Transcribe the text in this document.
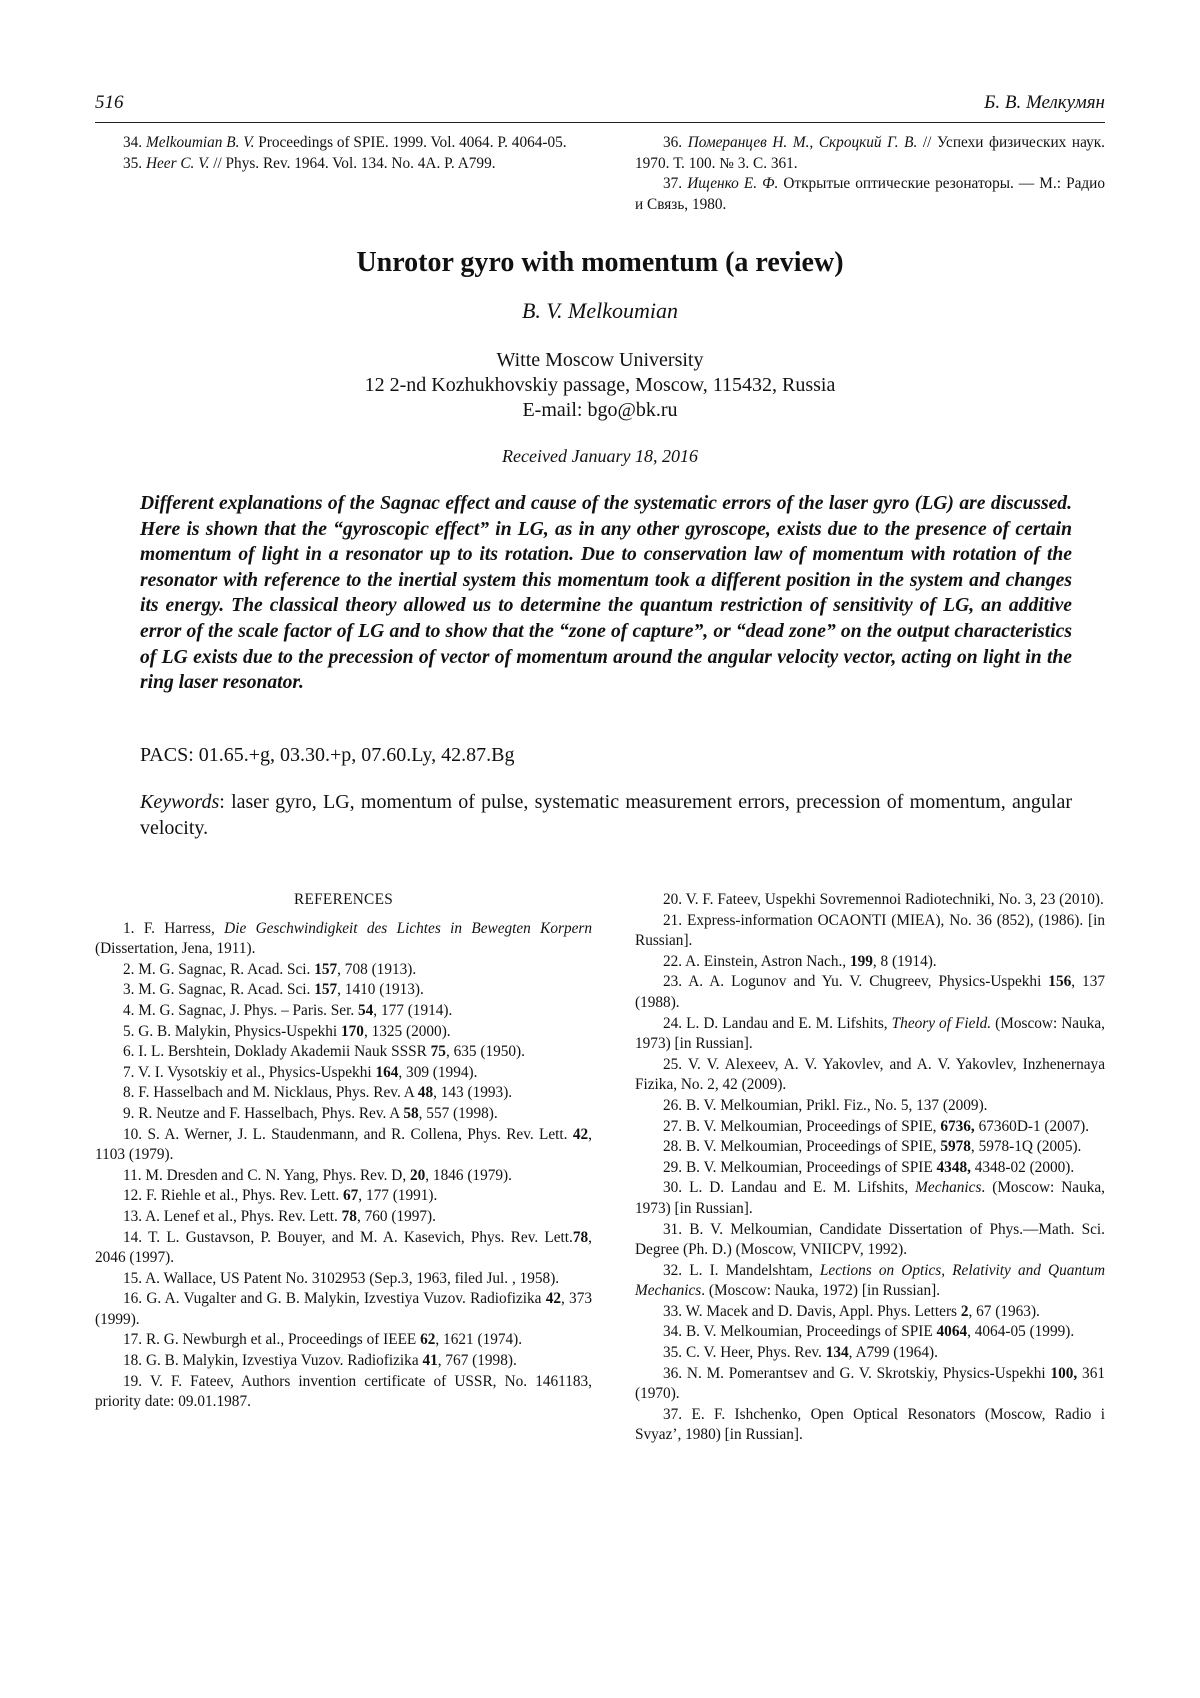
516	Б. В. Мелкумян

34. Melkoumian B. V. Proceedings of SPIE. 1999. Vol. 4064. P. 4064-05.

35. Heer C. V. // Phys. Rev. 1964. Vol. 134. No. 4A. P. A799.

36. Померанцев Н. М., Скроцкий Г. В. // Успехи физических наук. 1970. Т. 100. № 3. С. 361.

37. Ищенко Е. Ф. Открытые оптические резонаторы. — М.: Радио и Связь, 1980.

Unrotor gyro with momentum (a review)
B. V. Melkoumian
Witte Moscow University
12 2-nd Kozhukhovskiy passage, Moscow, 115432, Russia
E-mail: bgo@bk.ru
Received January 18, 2016
Different explanations of the Sagnac effect and cause of the systematic errors of the laser gyro (LG) are discussed. Here is shown that the “gyroscopic effect” in LG, as in any other gyroscope, exists due to the presence of certain momentum of light in a resonator up to its rotation. Due to conservation law of momentum with rotation of the resonator with reference to the inertial system this momentum took a different position in the system and changes its energy. The classical theory allowed us to determine the quantum restriction of sensitivity of LG, an additive error of the scale factor of LG and to show that the “zone of capture”, or “dead zone” on the output characteristics of LG exists due to the precession of vector of momentum around the angular velocity vector, acting on light in the ring laser resonator.
PACS: 01.65.+g, 03.30.+p, 07.60.Ly, 42.87.Bg
Keywords: laser gyro, LG, momentum of pulse, systematic measurement errors, precession of momentum, angular velocity.
REFERENCES

1. F. Harress, Die Geschwindigkeit des Lichtes in Bewegten Korpern (Dissertation, Jena, 1911).

2. M. G. Sagnac, R. Acad. Sci. 157, 708 (1913).

3. M. G. Sagnac, R. Acad. Sci. 157, 1410 (1913).

4. M. G. Sagnac, J. Phys. – Paris. Ser. 54, 177 (1914).

5. G. B. Malykin, Physics-Uspekhi 170, 1325 (2000).

6. I. L. Bershtein, Doklady Akademii Nauk SSSR 75, 635 (1950).

7. V. I. Vysotskiy et al., Physics-Uspekhi 164, 309 (1994).

8. F. Hasselbach and M. Nicklaus, Phys. Rev. A 48, 143 (1993).

9. R. Neutze and F. Hasselbach, Phys. Rev. A 58, 557 (1998).

10. S. A. Werner, J. L. Staudenmann, and R. Collena, Phys. Rev. Lett. 42, 1103 (1979).

11. M. Dresden and C. N. Yang, Phys. Rev. D, 20, 1846 (1979).

12. F. Riehle et al., Phys. Rev. Lett. 67, 177 (1991).

13. A. Lenef et al., Phys. Rev. Lett. 78, 760 (1997).

14. T. L. Gustavson, P. Bouyer, and M. A. Kasevich, Phys. Rev. Lett.78, 2046 (1997).

15. A. Wallace, US Patent No. 3102953 (Sep.3, 1963, filed Jul. , 1958).

16. G. A. Vugalter and G. B. Malykin, Izvestiya Vuzov. Radiofizika 42, 373 (1999).

17. R. G. Newburgh et al., Proceedings of IEEE 62, 1621 (1974).

18. G. B. Malykin, Izvestiya Vuzov. Radiofizika 41, 767 (1998).

19. V. F. Fateev, Authors invention certificate of USSR, No. 1461183, priority date: 09.01.1987.

20. V. F. Fateev, Uspekhi Sovremennoi Radiotechniki, No. 3, 23 (2010).

21. Express-information OCAONTI (MIEA), No. 36 (852), (1986). [in Russian].

22. A. Einstein, Astron Nach., 199, 8 (1914).

23. A. A. Logunov and Yu. V. Chugreev, Physics-Uspekhi 156, 137 (1988).

24. L. D. Landau and E. M. Lifshits, Theory of Field. (Moscow: Nauka, 1973) [in Russian].

25. V. V. Alexeev, A. V. Yakovlev, and A. V. Yakovlev, Inzhenernaya Fizika, No. 2, 42 (2009).

26. B. V. Melkoumian, Prikl. Fiz., No. 5, 137 (2009).

27. B. V. Melkoumian, Proceedings of SPIE, 6736, 67360D-1 (2007).

28. B. V. Melkoumian, Proceedings of SPIE, 5978, 5978-1Q (2005).

29. B. V. Melkoumian, Proceedings of SPIE 4348, 4348-02 (2000).

30. L. D. Landau and E. M. Lifshits, Mechanics. (Moscow: Nauka, 1973) [in Russian].

31. B. V. Melkoumian, Candidate Dissertation of Phys.—Math. Sci. Degree (Ph. D.) (Moscow, VNIICPV, 1992).

32. L. I. Mandelshtam, Lections on Optics, Relativity and Quantum Mechanics. (Moscow: Nauka, 1972) [in Russian].

33. W. Macek and D. Davis, Appl. Phys. Letters 2, 67 (1963).

34. B. V. Melkoumian, Proceedings of SPIE 4064, 4064-05 (1999).

35. C. V. Heer, Phys. Rev. 134, A799 (1964).

36. N. M. Pomerantsev and G. V. Skrotskiy, Physics-Uspekhi 100, 361 (1970).

37. E. F. Ishchenko, Open Optical Resonators (Moscow, Radio i Svyaz’, 1980) [in Russian].
